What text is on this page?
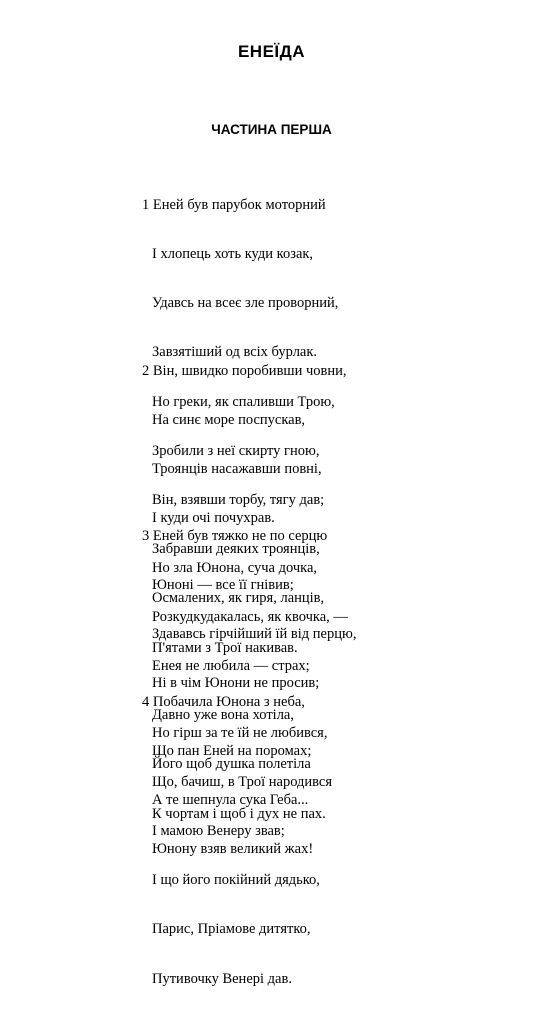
ЕНЕЇДА
ЧАСТИНА ПЕРША

1 Еней був парубок моторний

І хлопець хоть куди козак,

Удавсь на всеє зле проворний,

Завзятіший од всіх бурлак.

Но греки, як спаливши Трою,

Зробили з неї скирту гною,

Він, взявши торбу, тягу дав;

Забравши деяких троянців,

Осмалених, як гиря, ланців,

П'ятами з Трої накивав.

2 Він, швидко поробивши човни,

На синє море поспускав,

Троянців насажавши повні,

І куди очі почухрав.

Но зла Юнона, суча дочка,

Розкудкудакалась, як квочка, —

Енея не любила — страх;

Давно уже вона хотіла,

Його щоб душка полетіла

К чортам і щоб і дух не пах.

3 Еней був тяжко не по серцю

Юноні — все її гнівив;

Здававсь гірчійший їй від перцю,

Ні в чім Юнони не просив;

Но гірш за те їй не любився,

Що, бачиш, в Трої народився

І мамою Венеру звав;

І що його покійний дядько,

Парис, Пріамове дитятко,

Путивочку Венері дав.

4 Побачила Юнона з неба,

Що пан Еней на поромах;

А те шепнула сука Геба...

Юнону взяв великий жах!
